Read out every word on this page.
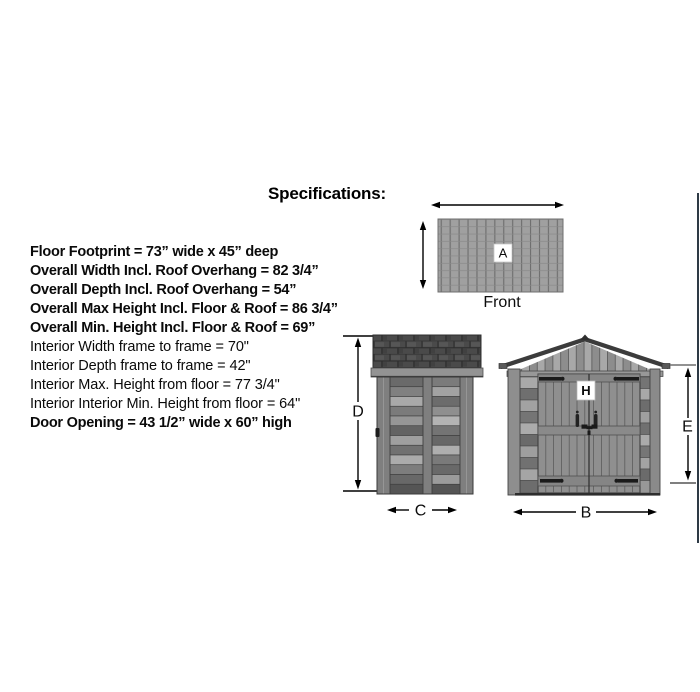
Specifications:
Floor Footprint = 73” wide x 45” deep
Overall Width Incl. Roof Overhang = 82 3/4”
Overall Depth Incl. Roof Overhang = 54”
Overall Max Height Incl. Floor & Roof = 86 3/4”
Overall Min. Height Incl. Floor & Roof = 69”
Interior Width frame to frame = 70"
Interior Depth frame to frame = 42"
Interior Max. Height from floor = 77 3/4"
Interior Interior Min. Height from floor = 64"
Door Opening = 43 1/2” wide x 60” high
A
Front
D
C
H
E
B
